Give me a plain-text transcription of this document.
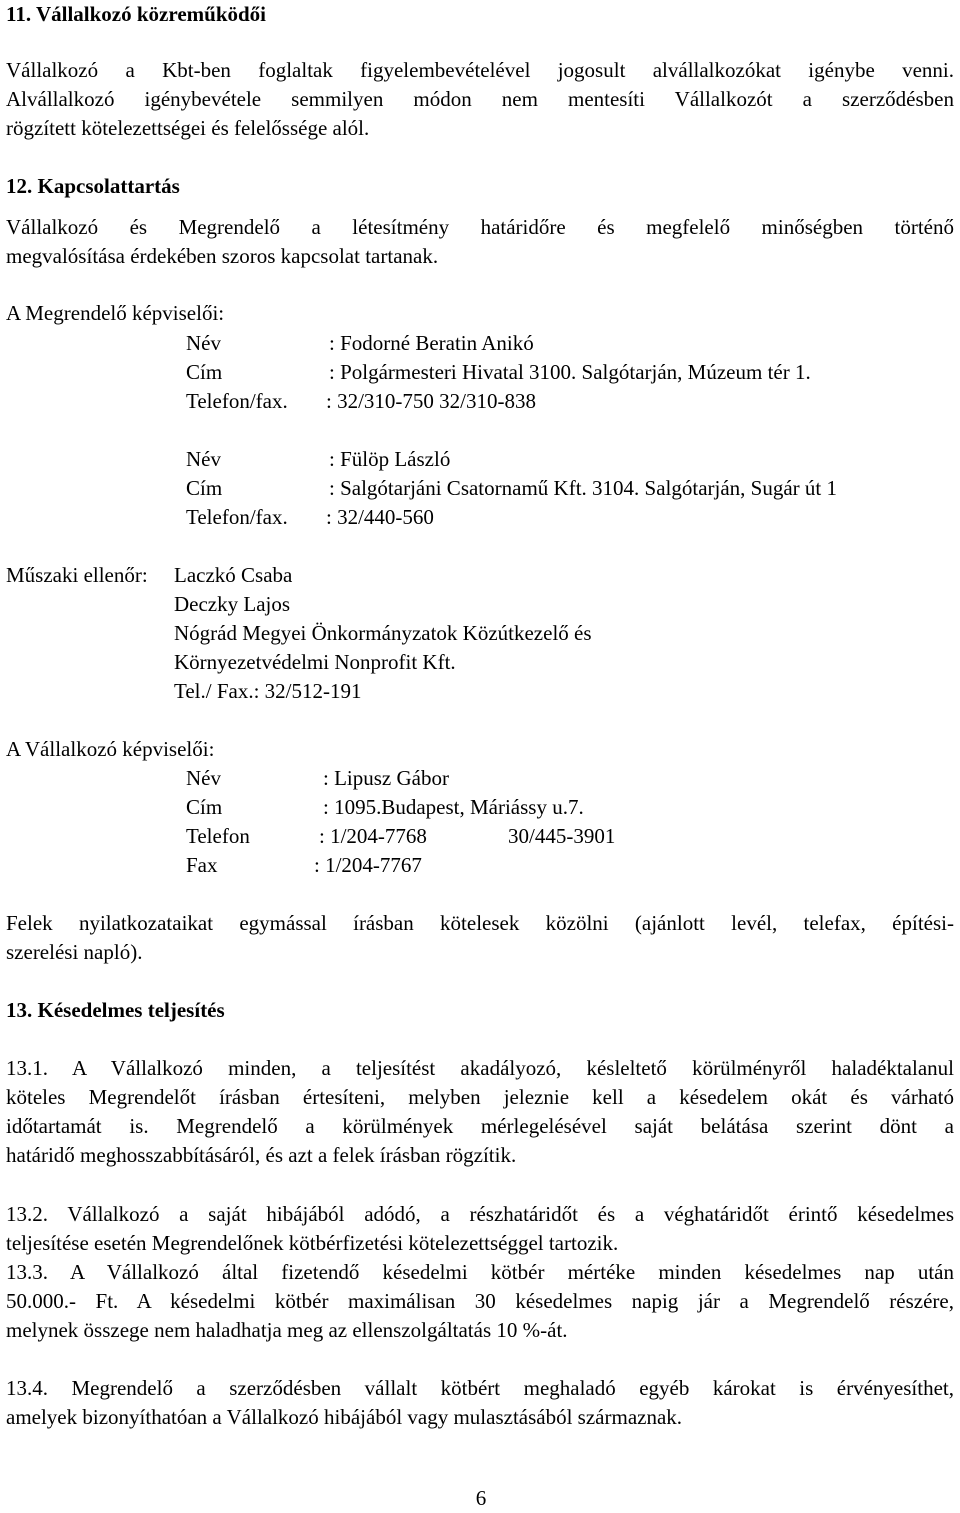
11. Vállalkozó közreműködői

Vállalkozó a Kbt-ben foglaltak figyelembevételével jogosult alvállalkozókat igénybe venni.

Alvállalkozó igénybevétele semmilyen módon nem mentesíti Vállalkozót a szerződésben

rögzített kötelezettségei és felelőssége alól.

12. Kapcsolattartás

Vállalkozó és Megrendelő a létesítmény határidőre és megfelelő minőségben történő

megvalósítása érdekében szoros kapcsolat tartanak.

A Megrendelő képviselői:
Név	: Fodorné Beratin Anikó
Cím	: Polgármesteri Hivatal 3100. Salgótarján, Múzeum tér 1.
Telefon/fax. : 32/310-750 32/310-838
Név	: Fülöp László
Cím	: Salgótarjáni Csatornamű Kft. 3104. Salgótarján, Sugár út 1
Telefon/fax. : 32/440-560
Műszaki ellenőr: Laczkó Csaba
Deczky Lajos
Nógrád Megyei Önkormányzatok Közútkezelő és
Környezetvédelmi Nonprofit Kft.
Tel./ Fax.: 32/512-191
A Vállalkozó képviselői:
Név	: Lipusz Gábor
Cím	: 1095.Budapest, Máriássy u.7.
Telefon	: 1/204-7768	30/445-3901
Fax	: 1/204-7767

Felek nyilatkozataikat egymással írásban kötelesek közölni (ajánlott levél, telefax, építési-

szerelési napló).

13. Késedelmes teljesítés

13.1. A Vállalkozó minden, a teljesítést akadályozó, késleltető körülményről haladéktalanul

köteles Megrendelőt írásban értesíteni, melyben jeleznie kell a késedelem okát és várható

időtartamát is. Megrendelő a körülmények mérlegelésével saját belátása szerint dönt a

határidő meghosszabbításáról, és azt a felek írásban rögzítik.

13.2. Vállalkozó a saját hibájából adódó, a részhatáridőt és a véghatáridőt érintő késedelmes

teljesítése esetén Megrendelőnek kötbérfizetési kötelezettséggel tartozik.

13.3. A Vállalkozó által fizetendő késedelmi kötbér mértéke minden késedelmes nap után

50.000.- Ft. A késedelmi kötbér maximálisan 30 késedelmes napig jár a Megrendelő részére,

melynek összege nem haladhatja meg az ellenszolgáltatás 10 %-át.

13.4. Megrendelő a szerződésben vállalt kötbért meghaladó egyéb károkat is érvényesíthet,

amelyek bizonyíthatóan a Vállalkozó hibájából vagy mulasztásából származnak.

6
